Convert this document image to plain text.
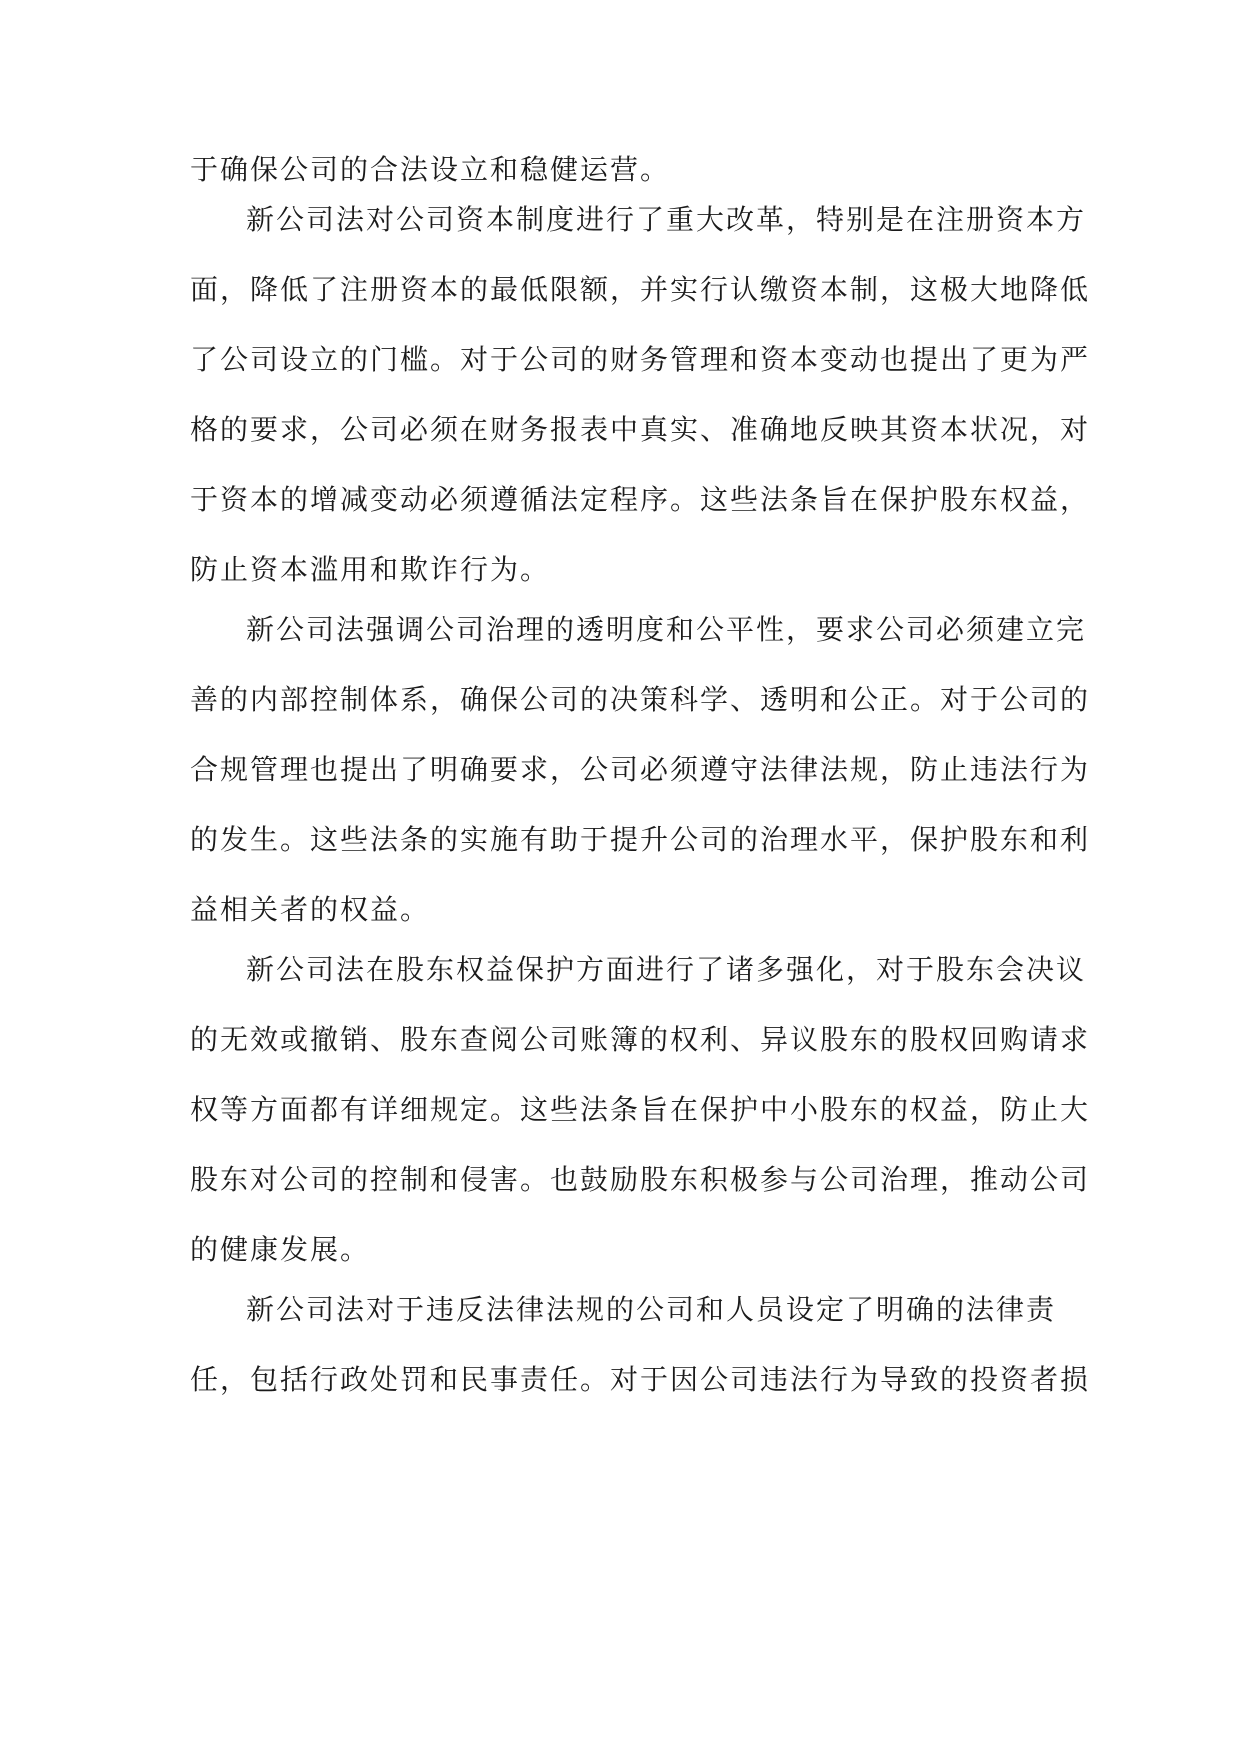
于确保公司的合法设立和稳健运营。
新公司法对公司资本制度进行了重大改革，特别是在注册资本方
面，降低了注册资本的最低限额，并实行认缴资本制，这极大地降低
了公司设立的门槛。对于公司的财务管理和资本变动也提出了更为严
格的要求，公司必须在财务报表中真实、准确地反映其资本状况，对
于资本的增减变动必须遵循法定程序。这些法条旨在保护股东权益，
防止资本滥用和欺诈行为。
新公司法强调公司治理的透明度和公平性，要求公司必须建立完
善的内部控制体系，确保公司的决策科学、透明和公正。对于公司的
合规管理也提出了明确要求，公司必须遵守法律法规，防止违法行为
的发生。这些法条的实施有助于提升公司的治理水平，保护股东和利
益相关者的权益。
新公司法在股东权益保护方面进行了诸多强化，对于股东会决议
的无效或撤销、股东查阅公司账簿的权利、异议股东的股权回购请求
权等方面都有详细规定。这些法条旨在保护中小股东的权益，防止大
股东对公司的控制和侵害。也鼓励股东积极参与公司治理，推动公司
的健康发展。
新公司法对于违反法律法规的公司和人员设定了明确的法律责
任，包括行政处罚和民事责任。对于因公司违法行为导致的投资者损
